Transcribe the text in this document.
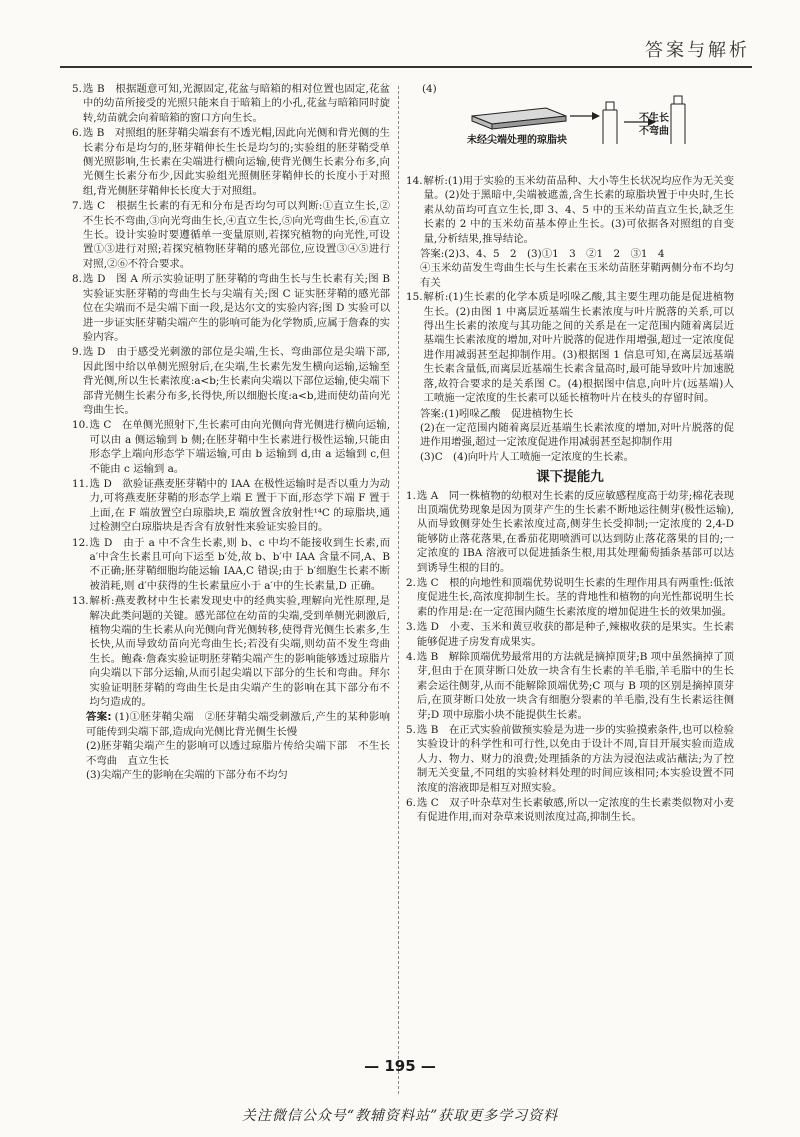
答案与解析
5. 选 B　根据题意可知,光源固定,花盆与暗箱的相对位置也固定,花盆中的幼苗所接受的光照只能来自于暗箱上的小孔,花盆与暗箱同时旋转,幼苗就会向着暗箱的窗口方向生长。
6. 选 B　对照组的胚芽鞘尖端套有不透光帽,因此向光侧和背光侧的生长素分布是均匀的,胚芽鞘伸长生长是均匀的;实验组的胚芽鞘受单侧光照影响,生长素在尖端进行横向运输,使背光侧生长素分布多,向光侧生长素分布少,因此实验组光照侧胚芽鞘伸长的长度小于对照组,背光侧胚芽鞘伸长长度大于对照组。
7. 选 C　根据生长素的有无和分布是否均匀可以判断:①直立生长,②不生长不弯曲,③向光弯曲生长,④直立生长,⑤向光弯曲生长,⑥直立生长。设计实验时要遵循单一变量原则,若探究植物的向光性,可设置①③进行对照;若探究植物胚芽鞘的感光部位,应设置③④⑤进行对照,②⑥不符合要求。
8. 选 D　图 A 所示实验证明了胚芽鞘的弯曲生长与生长素有关;图 B 实验证实胚芽鞘的弯曲生长与尖端有关;图 C 证实胚芽鞘的感光部位在尖端而不是尖端下面一段,是达尔文的实验内容;图 D 实验可以进一步证实胚芽鞘尖端产生的影响可能为化学物质,应属于詹森的实验内容。
9. 选 D　由于感受光刺激的部位是尖端,生长、弯曲部位是尖端下部,因此图中给以单侧光照射后,在尖端,生长素先发生横向运输,运输至背光侧,所以生长素浓度:a<b;生长素向尖端以下部位运输,使尖端下部背光侧生长素分布多,长得快,所以细胞长度:a<b,进而使幼苗向光弯曲生长。
10. 选 C　在单侧光照射下,生长素可由向光侧向背光侧进行横向运输,可以由 a 侧运输到 b 侧;在胚芽鞘中生长素进行极性运输,只能由形态学上端向形态学下端运输,可由 b 运输到 d,由 a 运输到 c,但不能由 c 运输到 a。
11. 选 D　欲验证燕麦胚芽鞘中的 IAA 在极性运输时是否以重力为动力,可将燕麦胚芽鞘的形态学上端 E 置于下面,形态学下端 F 置于上面,在 F 端放置空白琼脂块,E 端放置含放射性¹⁴C 的琼脂块,通过检测空白琼脂块是否含有放射性来验证实验目的。
12. 选 D　由于 a 中不含生长素,则 b、c 中均不能接收到生长素,而 a′中含生长素且可向下运至 b′处,故 b、b′中 IAA 含量不同,A、B 不正确;胚芽鞘细胞均能运输 IAA,C 错误;由于 b′细胞生长素不断被消耗,则 d′中获得的生长素量应小于 a′中的生长素量,D 正确。
13. 解析:燕麦教材中生长素发现史中的经典实验,理解向光性原理,是解决此类问题的关键。感光部位在幼苗的尖端,受到单侧光刺激后,植物尖端的生长素从向光侧向背光侧转移,使得背光侧生长素多,生长快,从而导致幼苗向光弯曲生长;若没有尖端,则幼苗不发生弯曲生长。鲍森·詹森实验证明胚芽鞘尖端产生的影响能够透过琼脂片向尖端以下部分运输,从而引起尖端以下部分的生长和弯曲。拜尔实验证明胚芽鞘的弯曲生长是由尖端产生的影响在其下部分布不均匀造成的。
答案: (1)①胚芽鞘尖端　②胚芽鞘尖端受刺激后,产生的某种影响可能传到尖端下部,造成向光侧比背光侧生长慢
(2)胚芽鞘尖端产生的影响可以透过琼脂片传给尖端下部　不生长不弯曲　直立生长
(3)尖端产生的影响在尖端的下部分布不均匀
(4)
未经尖端处理的琼脂块
不生长
不弯曲
14. 解析:(1)用于实验的玉米幼苗品种、大小等生长状况均应作为无关变量。(2)处于黑暗中,尖端被遮盖,含生长素的琼脂块置于中央时,生长素从幼苗均可直立生长,即 3、4、5 中的玉米幼苗直立生长,缺乏生长素的 2 中的玉米幼苗基本停止生长。(3)可依据各对照组的自变量,分析结果,推导结论。
答案:(2)3、4、5　2　(3)①1　3　②1　2　③1　4
④玉米幼苗发生弯曲生长与生长素在玉米幼苗胚芽鞘两侧分布不均匀有关
15. 解析:(1)生长素的化学本质是吲哚乙酸,其主要生理功能是促进植物生长。(2)由图 1 中离层近基端生长素浓度与叶片脱落的关系,可以得出生长素的浓度与其功能之间的关系是在一定范围内随着离层近基端生长素浓度的增加,对叶片脱落的促进作用增强,超过一定浓度促进作用减弱甚至起抑制作用。(3)根据图 1 信息可知,在离层远基端生长素含量低,而离层近基端生长素含量高时,最可能导致叶片加速脱落,故符合要求的是关系图 C。(4)根据图中信息,向叶片(远基端)人工喷施一定浓度的生长素可以延长植物叶片在枝头的存留时间。
答案:(1)吲哚乙酸　促进植物生长
(2)在一定范围内随着离层近基端生长素浓度的增加,对叶片脱落的促进作用增强,超过一定浓度促进作用减弱甚至起抑制作用
(3)C　(4)向叶片人工喷施一定浓度的生长素。
课下提能九
1. 选 A　同一株植物的幼根对生长素的反应敏感程度高于幼芽;棉花表现出顶端优势现象是因为顶芽产生的生长素不断地运往侧芽(极性运输),从而导致侧芽处生长素浓度过高,侧芽生长受抑制;一定浓度的 2,4-D 能够防止落花落果,在番茄花期喷洒可以达到防止落花落果的目的;一定浓度的 IBA 溶液可以促进插条生根,用其处理葡萄插条基部可以达到诱导生根的目的。
2. 选 C　根的向地性和顶端优势说明生长素的生理作用具有两重性:低浓度促进生长,高浓度抑制生长。茎的背地性和植物的向光性都说明生长素的作用是:在一定范围内随生长素浓度的增加促进生长的效果加强。
3. 选 D　小麦、玉米和黄豆收获的都是种子,辣椒收获的是果实。生长素能够促进子房发育成果实。
4. 选 B　解除顶端优势最常用的方法就是摘掉顶芽;B 项中虽然摘掉了顶芽,但由于在顶芽断口处放一块含有生长素的羊毛脂,羊毛脂中的生长素会运往侧芽,从而不能解除顶端优势;C 项与 B 项的区别是摘掉顶芽后,在顶芽断口处放一块含有细胞分裂素的羊毛脂,没有生长素运往侧芽;D 项中琼脂小块不能提供生长素。
5. 选 B　在正式实验前做预实验是为进一步的实验摸索条件,也可以检验实验设计的科学性和可行性,以免由于设计不周,盲目开展实验而造成人力、物力、财力的浪费;处理插条的方法为浸泡法或沾蘸法;为了控制无关变量,不同组的实验材料处理的时间应该相同;本实验设置不同浓度的溶液即是相互对照实验。
6. 选 C　双子叶杂草对生长素敏感,所以一定浓度的生长素类似物对小麦有促进作用,而对杂草来说则浓度过高,抑制生长。
— 195 —
关注微信公众号“教辅资料站”获取更多学习资料
